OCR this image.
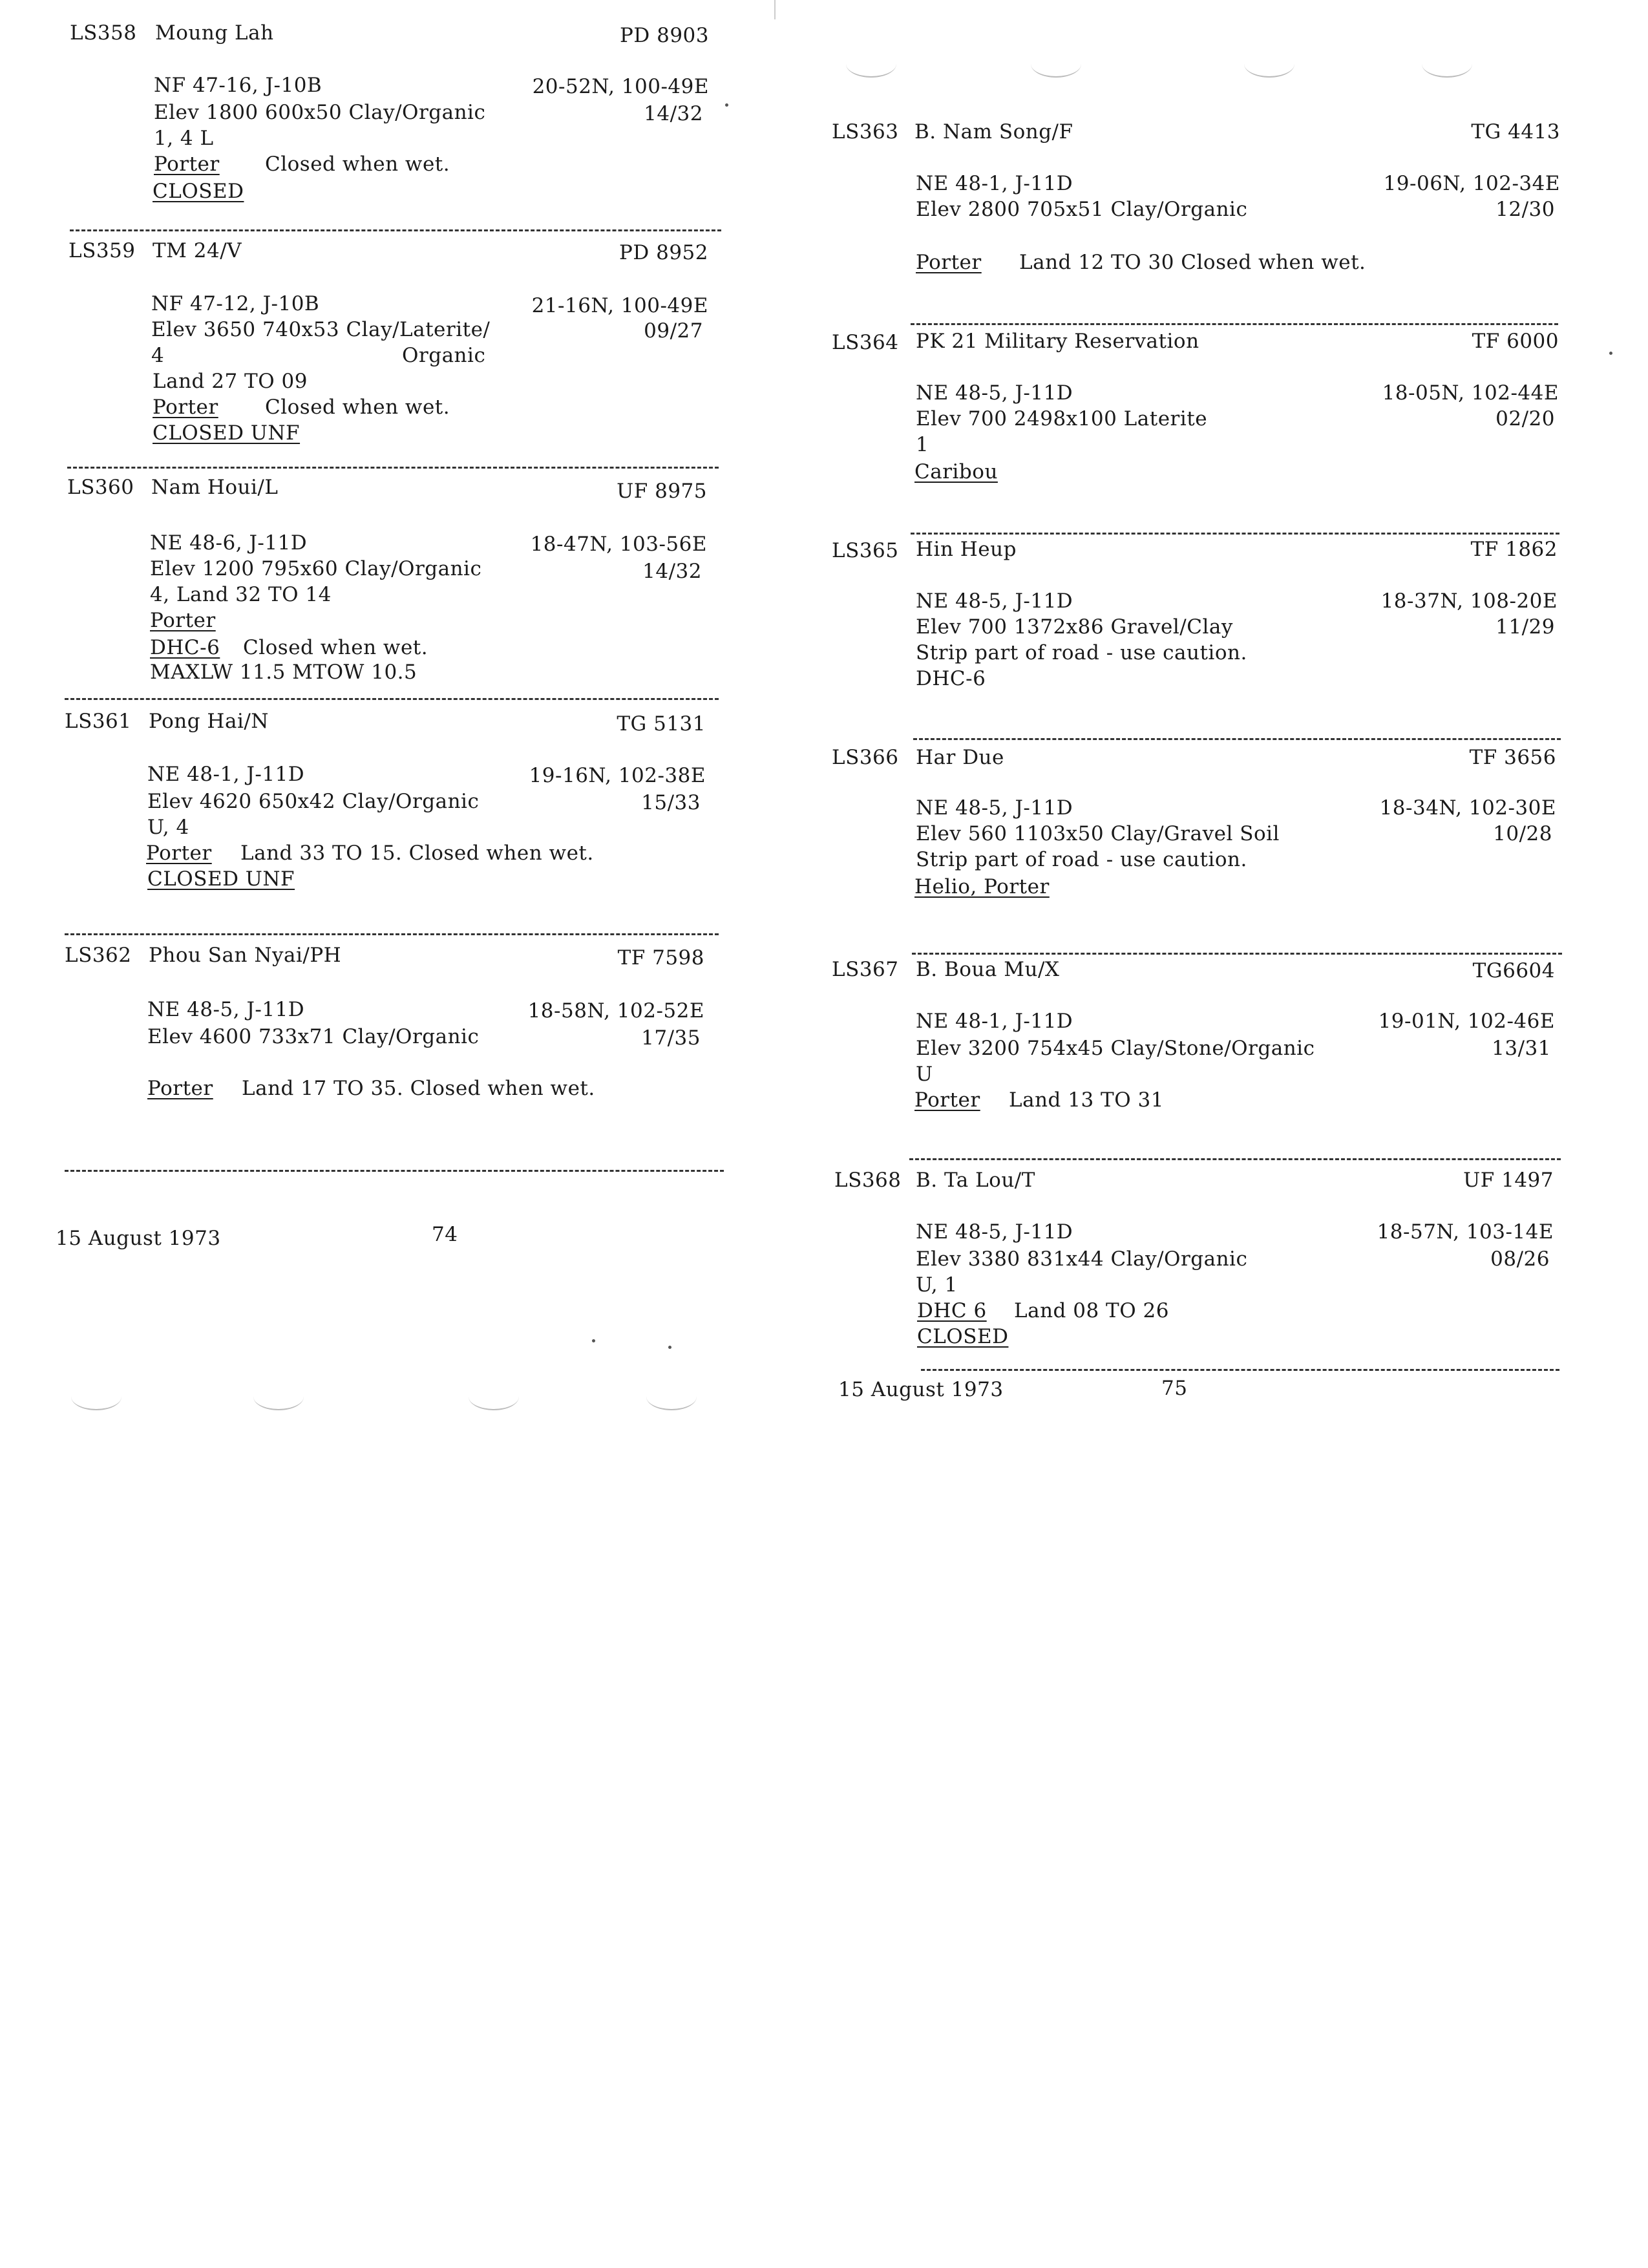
LS358 Moung Lah	PD 8903
NF 47-16, J-10B	20-52N, 100-49E
Elev 1800 600x50 Clay/Organic	14/32
1, 4 L
Porter Closed when wet.
CLOSED
LS359 TM 24/V	PD 8952
NF 47-12, J-10B	21-16N, 100-49E
Elev 3650 740x53 Clay/Laterite/	09/27
4	Organic
Land 27 TO 09
Porter Closed when wet.
CLOSED UNF
LS360 Nam Houi/L	UF 8975
NE 48-6, J-11D	18-47N, 103-56E
Elev 1200 795x60 Clay/Organic	14/32
4, Land 32 TO 14
Porter
DHC-6 Closed when wet.
MAXLW 11.5 MTOW 10.5
LS361 Pong Hai/N	TG 5131
NE 48-1, J-11D	19-16N, 102-38E
Elev 4620 650x42 Clay/Organic	15/33
U, 4
Porter Land 33 TO 15. Closed when wet.
CLOSED UNF
LS362 Phou San Nyai/PH	TF 7598
NE 48-5, J-11D	18-58N, 102-52E
Elev 4600 733x71 Clay/Organic	17/35
Porter Land 17 TO 35. Closed when wet.
15 August 1973	74
LS363 B. Nam Song/F	TG 4413
NE 48-1, J-11D	19-06N, 102-34E
Elev 2800 705x51 Clay/Organic	12/30
Porter Land 12 TO 30 Closed when wet.
LS364 PK 21 Military Reservation	TF 6000
NE 48-5, J-11D	18-05N, 102-44E
Elev 700 2498x100 Laterite	02/20
1
Caribou
LS365 Hin Heup	TF 1862
NE 48-5, J-11D	18-37N, 108-20E
Elev 700 1372x86 Gravel/Clay	11/29
Strip part of road - use caution.
DHC-6
LS366 Har Due	TF 3656
NE 48-5, J-11D	18-34N, 102-30E
Elev 560 1103x50 Clay/Gravel Soil	10/28
Strip part of road - use caution.
Helio, Porter
LS367 B. Boua Mu/X	TG6604
NE 48-1, J-11D	19-01N, 102-46E
Elev 3200 754x45 Clay/Stone/Organic	13/31
U
Porter Land 13 TO 31
LS368 B. Ta Lou/T	UF 1497
NE 48-5, J-11D	18-57N, 103-14E
Elev 3380 831x44 Clay/Organic	08/26
U, 1
DHC 6 Land 08 TO 26
CLOSED
15 August 1973	75
